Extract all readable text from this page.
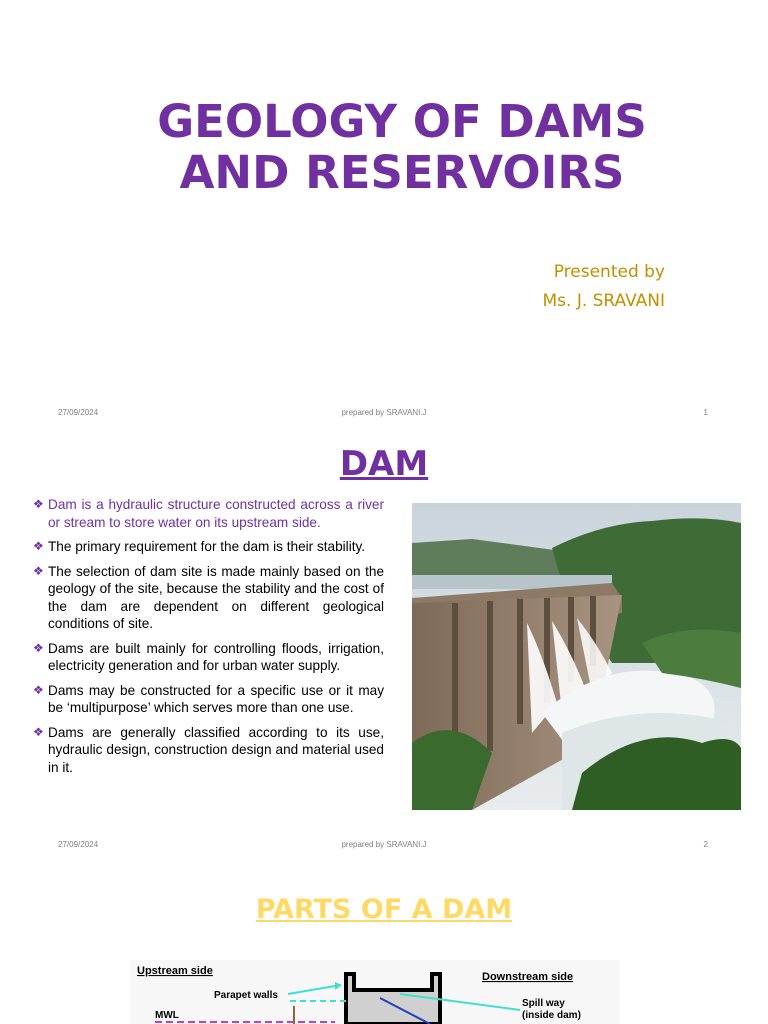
GEOLOGY OF DAMS
AND RESERVOIRS
Presented by
Ms. J. SRAVANI
27/09/2024	prepared by SRAVANI.J	1
DAM
❖ Dam is a hydraulic structure constructed across a river or stream to store water on its upstream side.
❖ The primary requirement for the dam is their stability.
❖ The selection of dam site is made mainly based on the geology of the site, because the stability and the cost of the dam are dependent on different geological conditions of site.
❖ Dams are built mainly for controlling floods, irrigation, electricity generation and for urban water supply.
❖ Dams may be constructed for a specific use or it may be ‘multipurpose’ which serves more than one use.
❖ Dams are generally classified according to its use, hydraulic design, construction design and material used in it.
27/09/2024	prepared by SRAVANI.J	2
PARTS OF A DAM
Upstream side	Downstream side
Parapet walls
MWL
Spill way
(inside dam)
